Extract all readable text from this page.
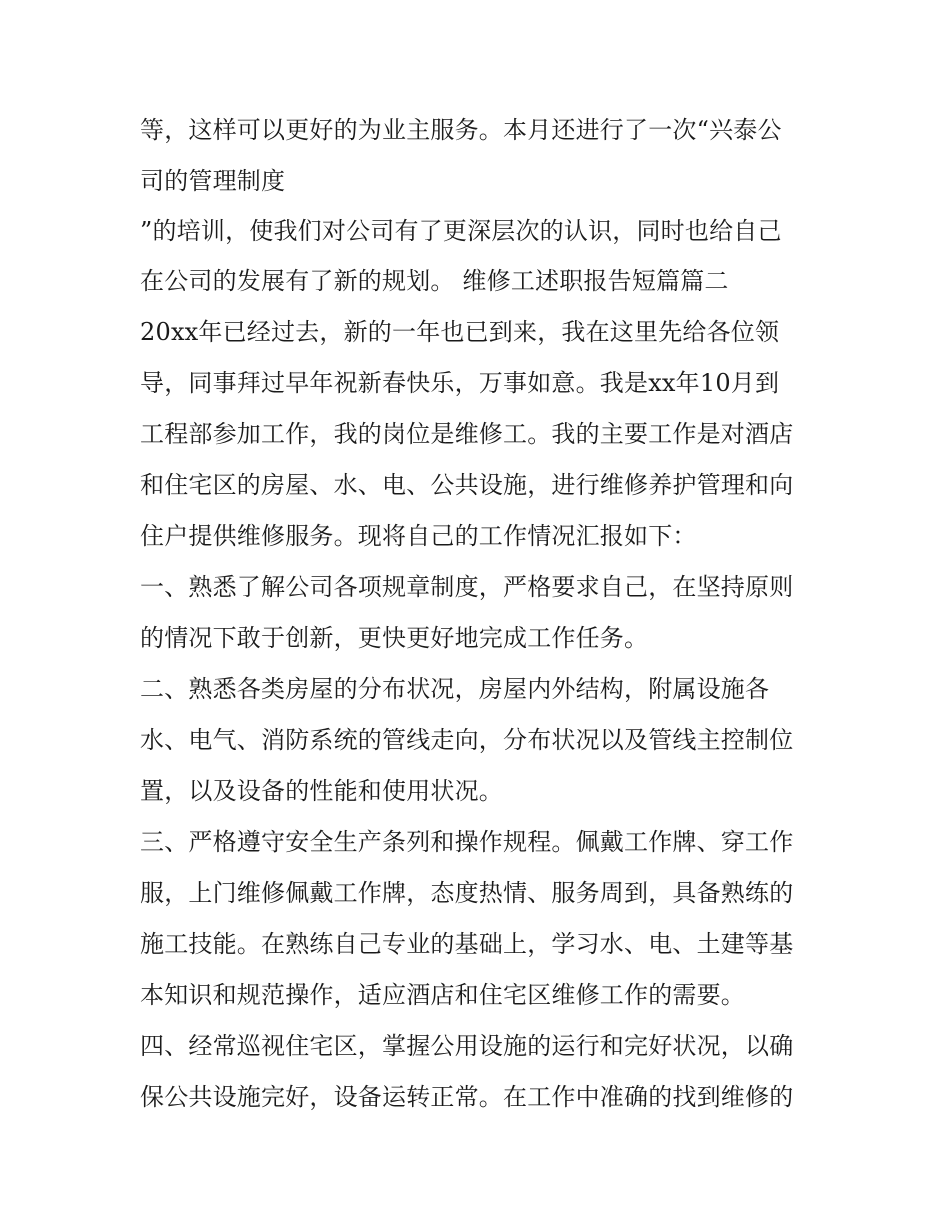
等，这样可以更好的为业主服务。本月还进行了一次“兴泰公
司的管理制度
”的培训，使我们对公司有了更深层次的认识，同时也给自己
在公司的发展有了新的规划。 维修工述职报告短篇篇二
20xx年已经过去，新的一年也已到来，我在这里先给各位领
导，同事拜过早年祝新春快乐，万事如意。我是xx年10月到
工程部参加工作，我的岗位是维修工。我的主要工作是对酒店
和住宅区的房屋、水、电、公共设施，进行维修养护管理和向
住户提供维修服务。现将自己的工作情况汇报如下：
一、熟悉了解公司各项规章制度，严格要求自己，在坚持原则
的情况下敢于创新，更快更好地完成工作任务。
二、熟悉各类房屋的分布状况，房屋内外结构，附属设施各
水、电气、消防系统的管线走向，分布状况以及管线主控制位
置，以及设备的性能和使用状况。
三、严格遵守安全生产条列和操作规程。佩戴工作牌、穿工作
服，上门维修佩戴工作牌，态度热情、服务周到，具备熟练的
施工技能。在熟练自己专业的基础上，学习水、电、土建等基
本知识和规范操作，适应酒店和住宅区维修工作的需要。
四、经常巡视住宅区，掌握公用设施的运行和完好状况，以确
保公共设施完好，设备运转正常。在工作中准确的找到维修的
